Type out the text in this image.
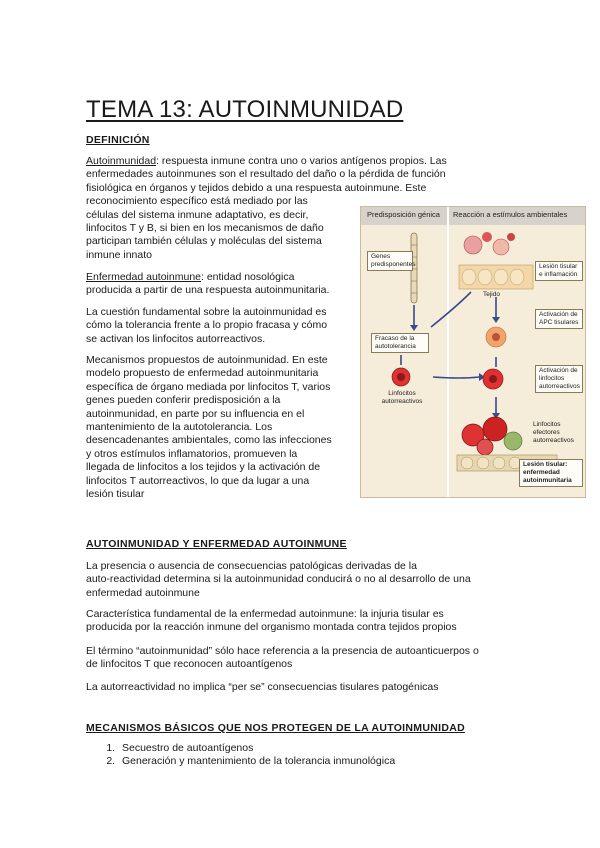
TEMA 13: AUTOINMUNIDAD
DEFINICIÓN

Autoinmunidad: respuesta inmune contra uno o varios antígenos propios. Las
enfermedades autoinmunes son el resultado del daño o la pérdida de función
fisiológica en órganos y tejidos debido a una respuesta autoinmune. Este
reconocimiento específico está mediado por las
células del sistema inmune adaptativo, es decir,
linfocitos T y B, si bien en los mecanismos de daño
participan también células y moléculas del sistema
inmune innato

Enfermedad autoinmune: entidad nosológica
producida a partir de una respuesta autoinmunitaria.

La cuestión fundamental sobre la autoinmunidad es
cómo la tolerancia frente a lo propio fracasa y cómo
se activan los linfocitos autorreactivos.

Mecanismos propuestos de autoinmunidad. En este
modelo propuesto de enfermedad autoinmunitaria
específica de órgano mediada por linfocitos T, varios
genes pueden conferir predisposición a la
autoinmunidad, en parte por su influencia en el
mantenimiento de la autotolerancia. Los
desencadenantes ambientales, como las infecciones
y otros estímulos inflamatorios, promueven la
llegada de linfocitos a los tejidos y la activación de
linfocitos T autorreactivos, lo que da lugar a una
lesión tisular

Predisposición génica Reacción a estímulos ambientales
Genes predisponentes
Fracaso de la autotolerancia
Linfocitos autorreactivos
Lesión tisular e inflamación
Tejido
Activación de APC tisulares
Activación de linfocitos autorreactivos
Linfocitos efectores autorreactivos
Lesión tisular: enfermedad autoinmunitaria
AUTOINMUNIDAD Y ENFERMEDAD AUTOINMUNE

La presencia o ausencia de consecuencias patológicas derivadas de la
auto-reactividad determina si la autoinmunidad conducirá o no al desarrollo de una
enfermedad autoinmune

Característica fundamental de la enfermedad autoinmune: la injuria tisular es
producida por la reacción inmune del organismo montada contra tejidos propios

El término “autoinmunidad” sólo hace referencia a la presencia de autoanticuerpos o
de linfocitos T que reconocen autoantígenos

La autorreactividad no implica “per se” consecuencias tisulares patogénicas

MECANISMOS BÁSICOS QUE NOS PROTEGEN DE LA AUTOINMUNIDAD
1. Secuestro de autoantígenos
2. Generación y mantenimiento de la tolerancia inmunológica
